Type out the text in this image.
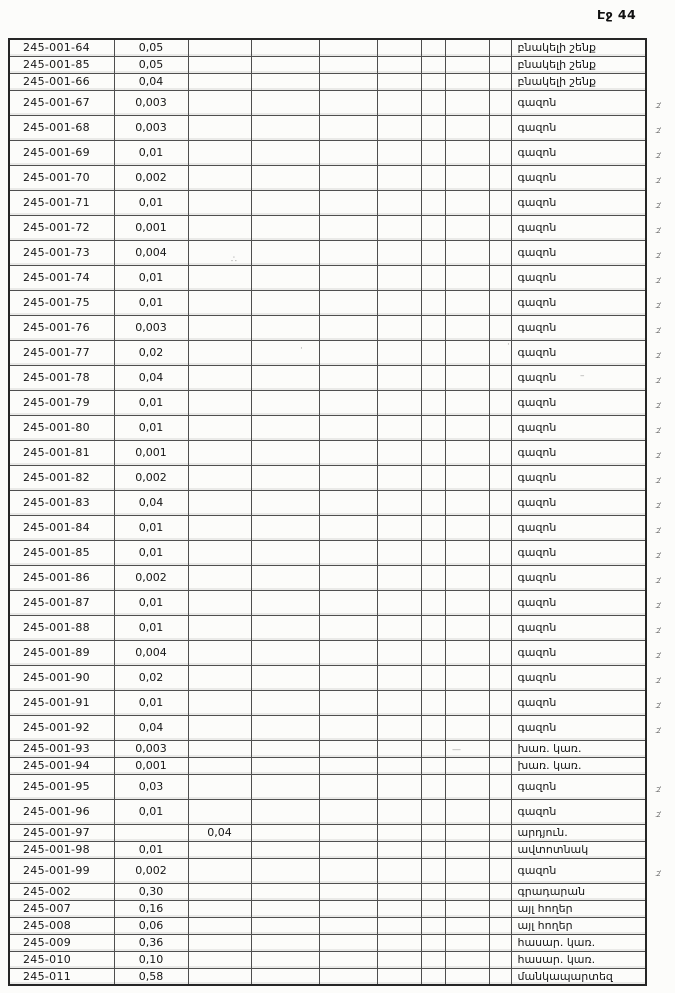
Էջ 44
245-001-64	0,05								բնակելի շենք
245-001-85	0,05								բնակելի շենք
245-001-66	0,04								բնակելի շենք
245-001-67	0,003								գազոն
245-001-68	0,003								գազոն
245-001-69	0,01								գազոն
245-001-70	0,002								գազոն
245-001-71	0,01								գազոն
245-001-72	0,001								գազոն
245-001-73	0,004								գազոն
245-001-74	0,01								գազոն
245-001-75	0,01								գազոն
245-001-76	0,003								գազոն
245-001-77	0,02								գազոն
245-001-78	0,04								գազոն
245-001-79	0,01								գազոն
245-001-80	0,01								գազոն
245-001-81	0,001								գազոն
245-001-82	0,002								գազոն
245-001-83	0,04								գազոն
245-001-84	0,01								գազոն
245-001-85	0,01								գազոն
245-001-86	0,002								գազոն
245-001-87	0,01								գազոն
245-001-88	0,01								գազոն
245-001-89	0,004								գազոն
245-001-90	0,02								գազոն
245-001-91	0,01								գազոն
245-001-92	0,04								գազոն
245-001-93	0,003								խառ. կառ.
245-001-94	0,001								խառ. կառ.
245-001-95	0,03								գազոն
245-001-96	0,01								գազոն
245-001-97		0,04							արդյուն.
245-001-98	0,01								ավտոտնակ
245-001-99	0,002								գազոն
245-002	0,30								գրադարան
245-007	0,16								այլ հողեր
245-008	0,06								այլ հողեր
245-009	0,36								հասար. կառ.
245-010	0,10								հասար. կառ.
245-011	0,58								մանկապարտեզ
.2ʹ
.2ʹ
.2ʹ
.2ʹ
.2ʹ
.2ʹ
.2ʹ
.2ʹ
.2ʹ
.2ʹ
.2ʹ
.2ʹ
.2ʹ
.2ʹ
.2ʹ
.2ʹ
.2ʹ
.2ʹ
.2ʹ
.2ʹ
.2ʹ
.2ʹ
.2ʹ
.2ʹ
.2ʹ
.2ʹ
.2ʹ
.2ʹ
.2ʹ
∴
·
·
—
–
